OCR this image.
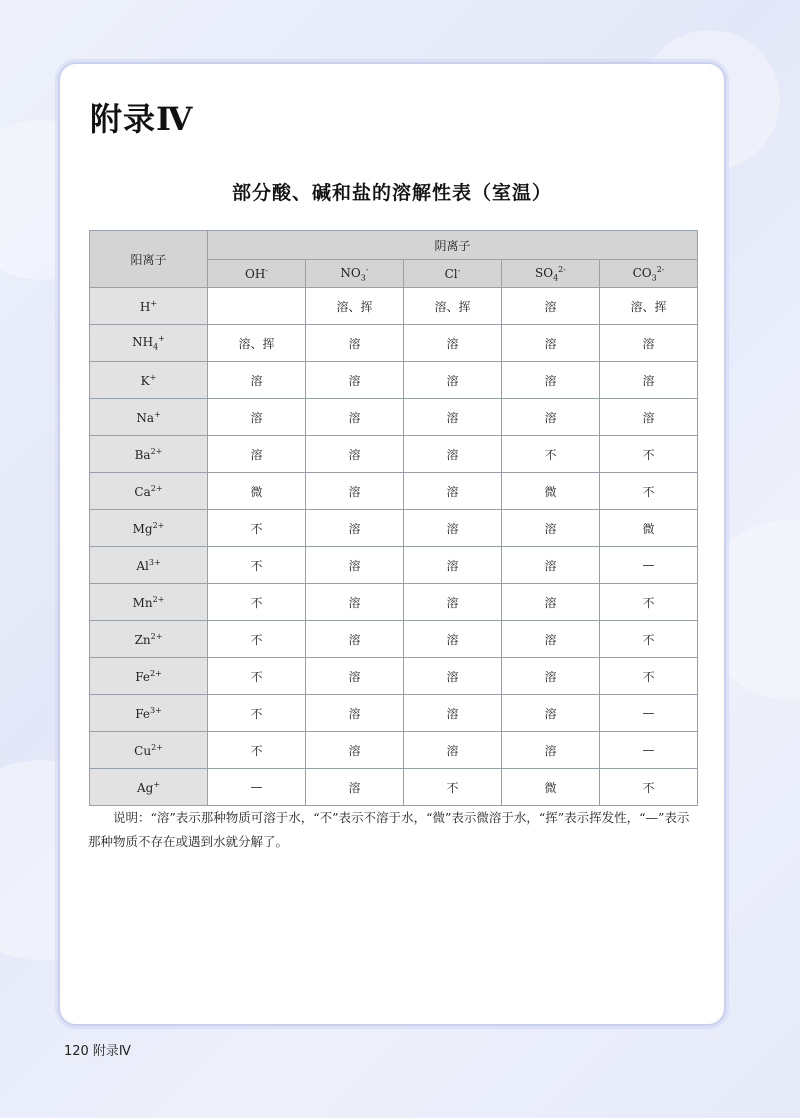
附录Ⅳ
部分酸、碱和盐的溶解性表（室温）
阳离子	阴离子				
	OH-	$NO_3^-$	Cl-	$SO_4^{2-}$	$CO_3^{2-}$
H+		溶、挥	溶、挥	溶	溶、挥
$NH_4^+$	溶、挥	溶	溶	溶	溶
K+	溶	溶	溶	溶	溶
Na+	溶	溶	溶	溶	溶
$Ba^{2+}$	溶	溶	溶	不	不
$Ca^{2+}$	微	溶	溶	微	不
$Mg^{2+}$	不	溶	溶	溶	微
$Al^{3+}$	不	溶	溶	溶	—
$Mn^{2+}$	不	溶	溶	溶	不
$Zn^{2+}$	不	溶	溶	溶	不
$Fe^{2+}$	不	溶	溶	溶	不
$Fe^{3+}$	不	溶	溶	溶	—
$Cu^{2+}$	不	溶	溶	溶	—
Ag+	—	溶	不	微	不

说明：“溶”表示那种物质可溶于水，“不”表示不溶于水，“微”表示微溶于水，“挥”表示挥发性，“—”表示那种物质不存在或遇到水就分解了。

120 附录Ⅳ
